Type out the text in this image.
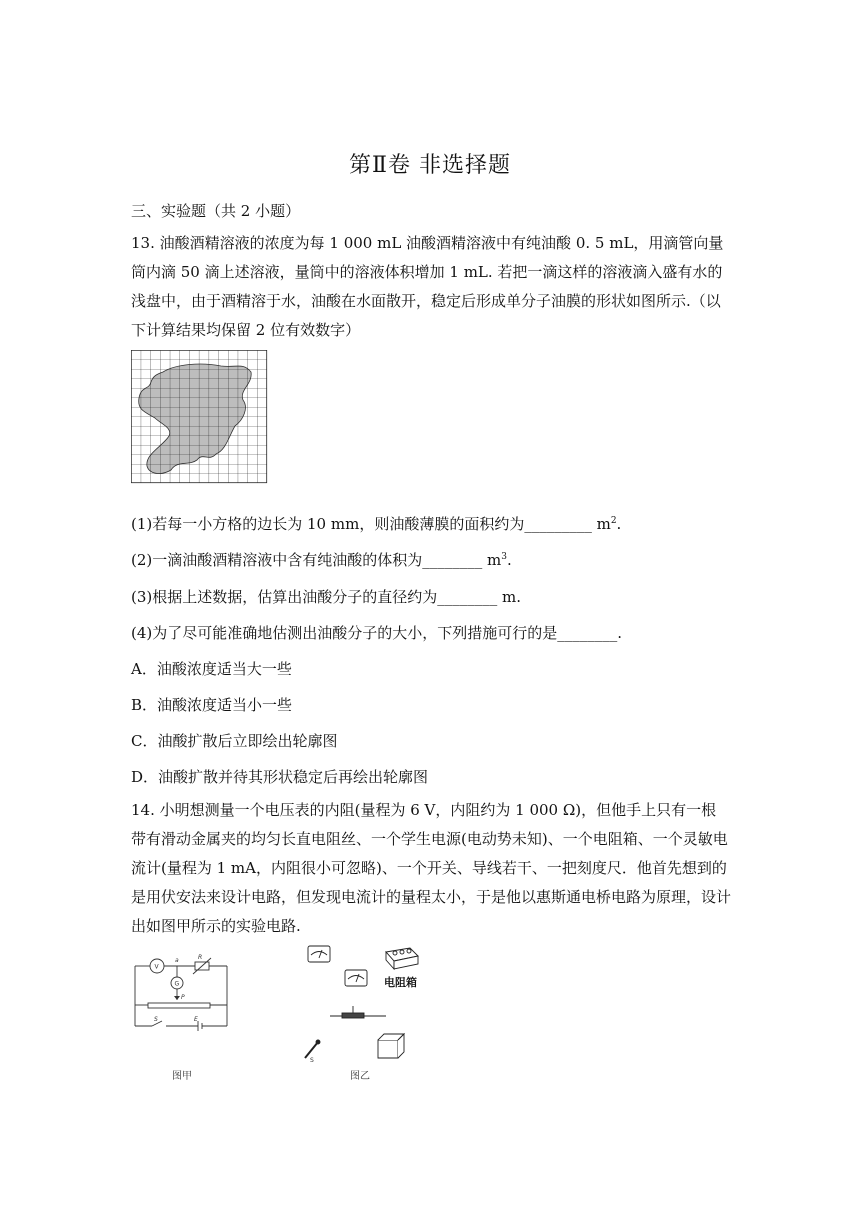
第Ⅱ卷 非选择题
三、实验题（共 2 小题）
13. 油酸酒精溶液的浓度为每 1 000 mL 油酸酒精溶液中有纯油酸 0. 5 mL，用滴管向量筒内滴 50 滴上述溶液，量筒中的溶液体积增加 1 mL. 若把一滴这样的溶液滴入盛有水的浅盘中，由于酒精溶于水，油酸在水面散开，稳定后形成单分子油膜的形状如图所示.（以下计算结果均保留 2 位有效数字）
(1)若每一小方格的边长为 10 mm，则油酸薄膜的面积约为_________ $m^2$.
(2)一滴油酸酒精溶液中含有纯油酸的体积为________ $m^3$.
(3)根据上述数据，估算出油酸分子的直径约为________ m.
(4)为了尽可能准确地估测出油酸分子的大小，下列措施可行的是________.
A．油酸浓度适当大一些
B．油酸浓度适当小一些
C．油酸扩散后立即绘出轮廓图
D．油酸扩散并待其形状稳定后再绘出轮廓图
14. 小明想测量一个电压表的内阻(量程为 6 V，内阻约为 1 000 Ω)，但他手上只有一根带有滑动金属夹的均匀长直电阻丝、一个学生电源(电动势未知)、一个电阻箱、一个灵敏电流计(量程为 1 mA，内阻很小可忽略)、一个开关、导线若干、一把刻度尺．他首先想到的是用伏安法来设计电路，但发现电流计的量程太小，于是他以惠斯通电桥电路为原理，设计出如图甲所示的实验电路.
V
G
a	R
P
S	E
图甲
电阻箱
S
图乙
